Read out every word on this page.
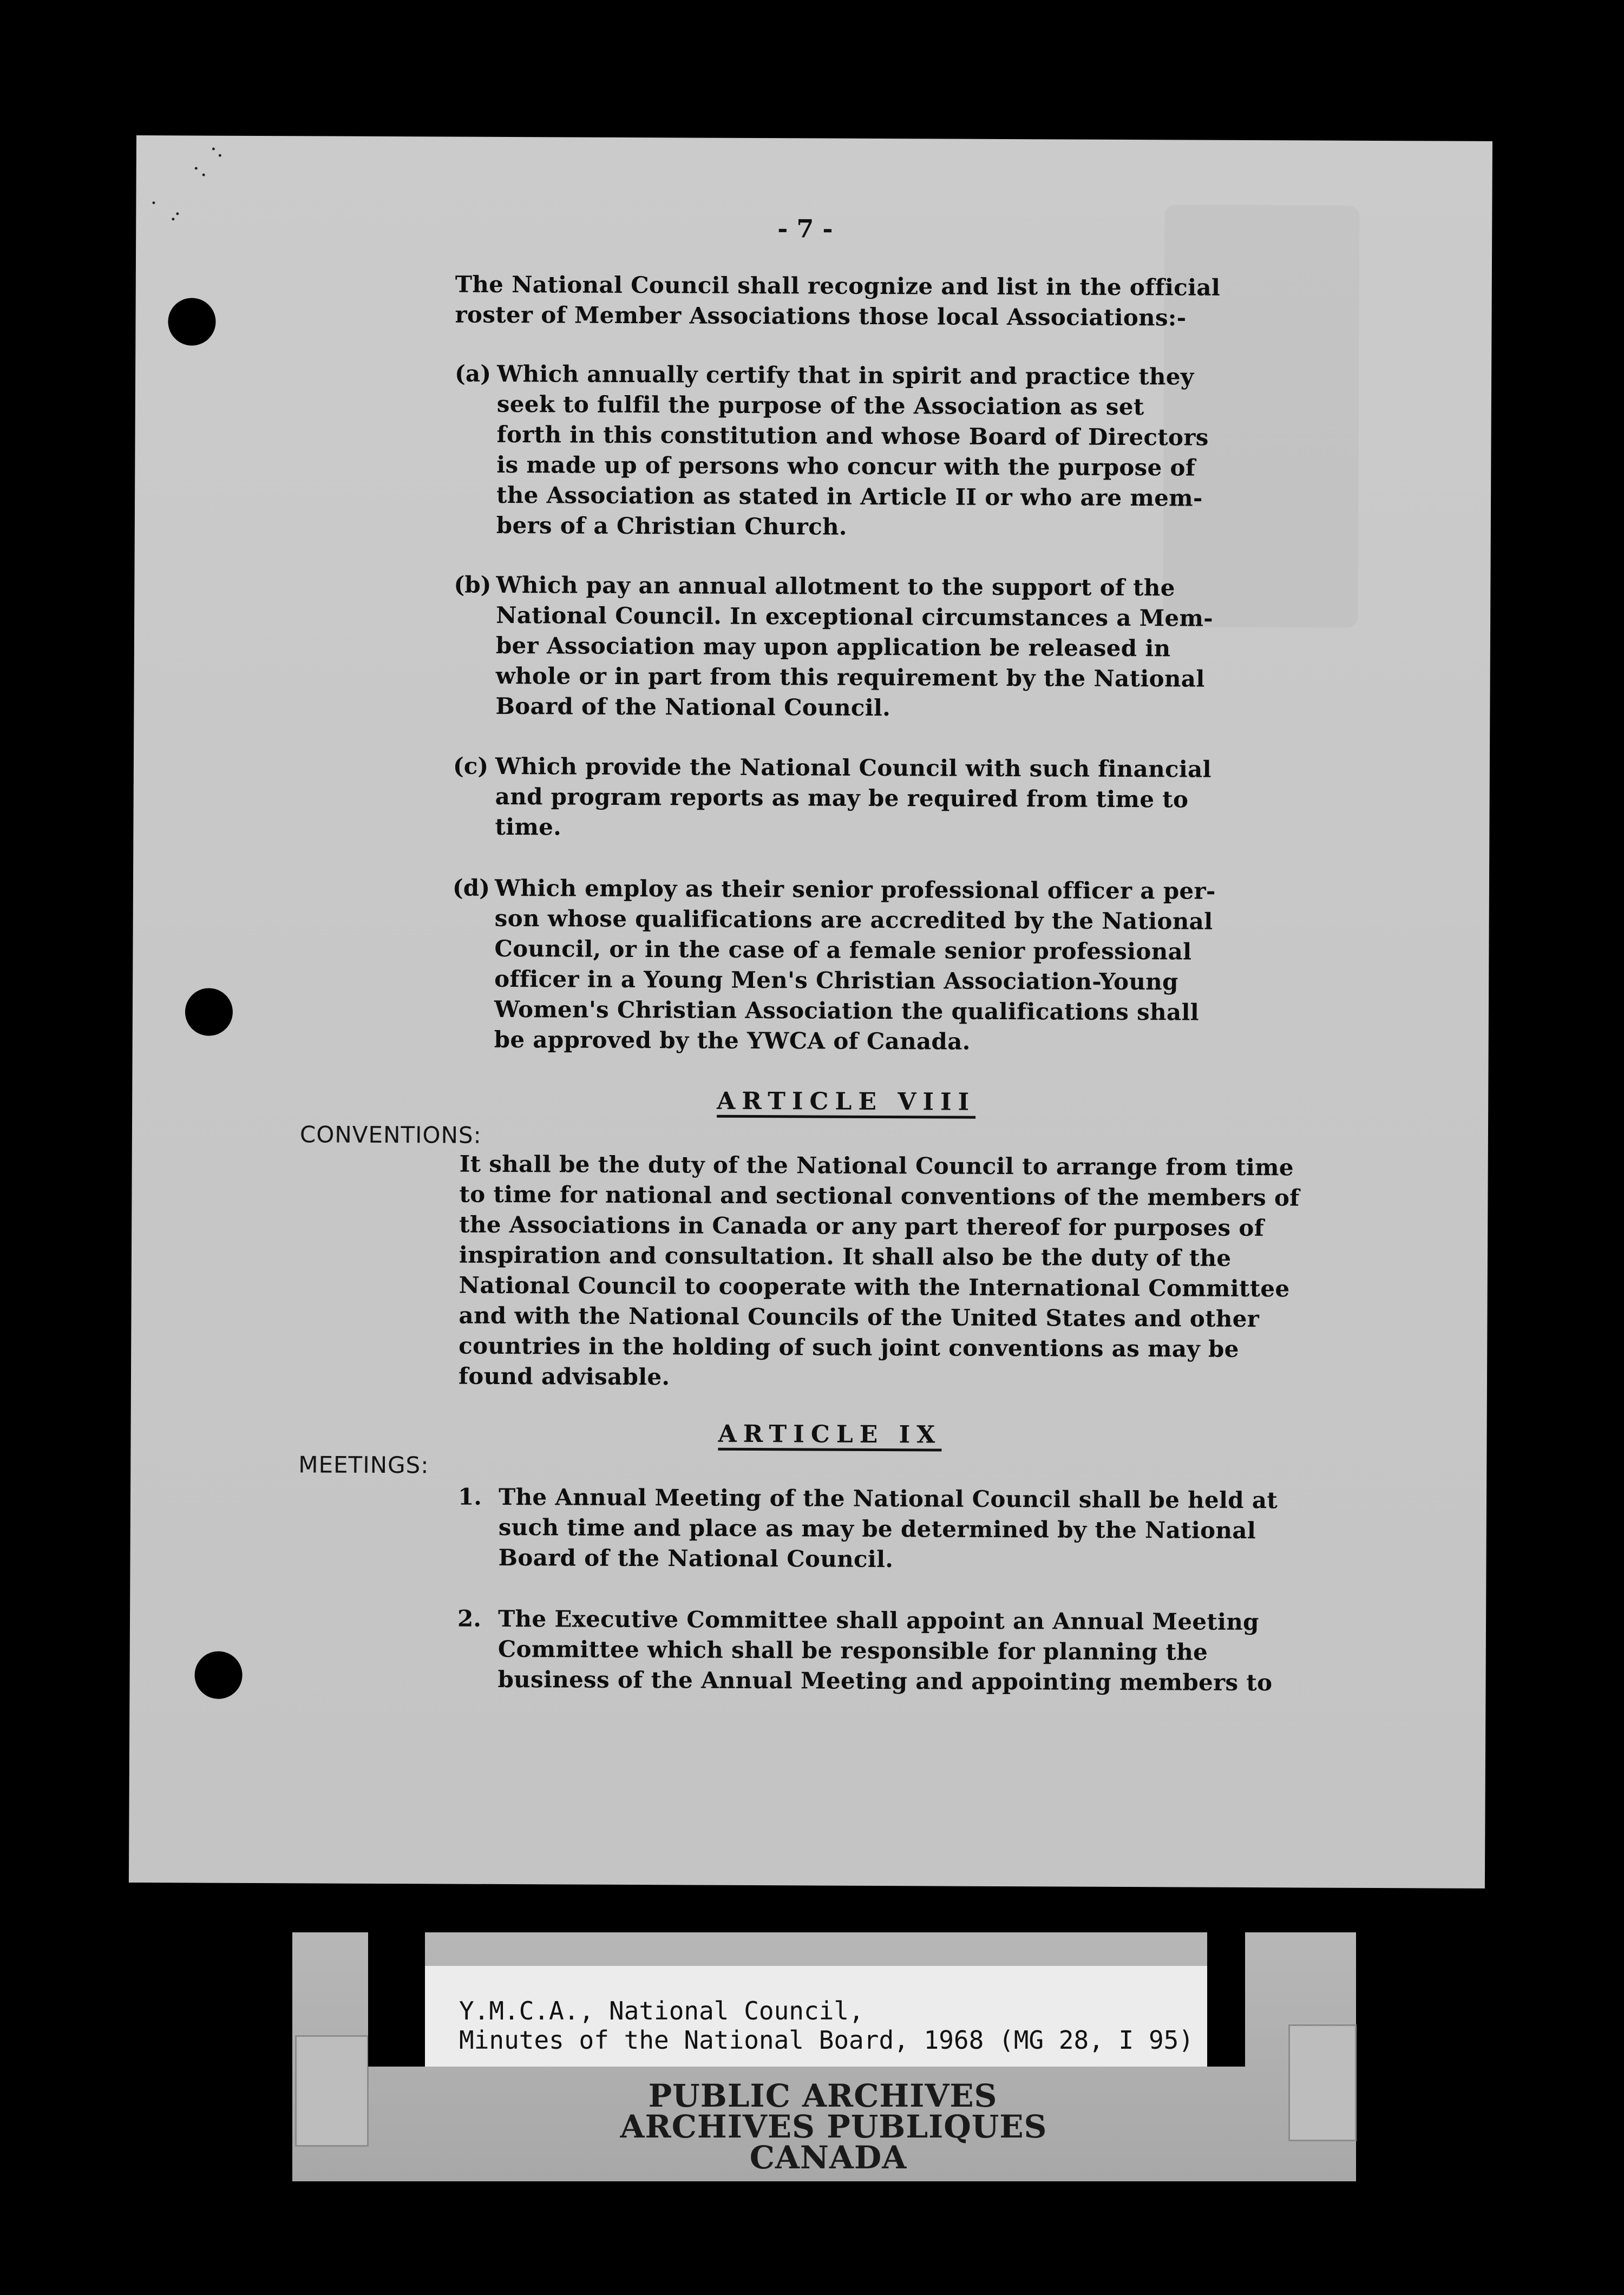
- 7 -
The National Council shall recognize and list in the official
roster of Member Associations those local Associations:-
(a) Which annually certify that in spirit and practice they
seek to fulfil the purpose of the Association as set
forth in this constitution and whose Board of Directors
is made up of persons who concur with the purpose of
the Association as stated in Article II or who are mem-
bers of a Christian Church.
(b) Which pay an annual allotment to the support of the
National Council. In exceptional circumstances a Mem-
ber Association may upon application be released in
whole or in part from this requirement by the National
Board of the National Council.
(c) Which provide the National Council with such financial
and program reports as may be required from time to
time.
(d) Which employ as their senior professional officer a per-
son whose qualifications are accredited by the National
Council, or in the case of a female senior professional
officer in a Young Men's Christian Association-Young
Women's Christian Association the qualifications shall
be approved by the YWCA of Canada.
ARTICLE VIII
CONVENTIONS:
It shall be the duty of the National Council to arrange from time
to time for national and sectional conventions of the members of
the Associations in Canada or any part thereof for purposes of
inspiration and consultation. It shall also be the duty of the
National Council to cooperate with the International Committee
and with the National Councils of the United States and other
countries in the holding of such joint conventions as may be
found advisable.
ARTICLE IX
MEETINGS:
1. The Annual Meeting of the National Council shall be held at
such time and place as may be determined by the National
Board of the National Council.
2. The Executive Committee shall appoint an Annual Meeting
Committee which shall be responsible for planning the
business of the Annual Meeting and appointing members to
Y.M.C.A., National Council,
Minutes of the National Board, 1968 (MG 28, I 95)
PUBLIC ARCHIVES
ARCHIVES PUBLIQUES
CANADA
